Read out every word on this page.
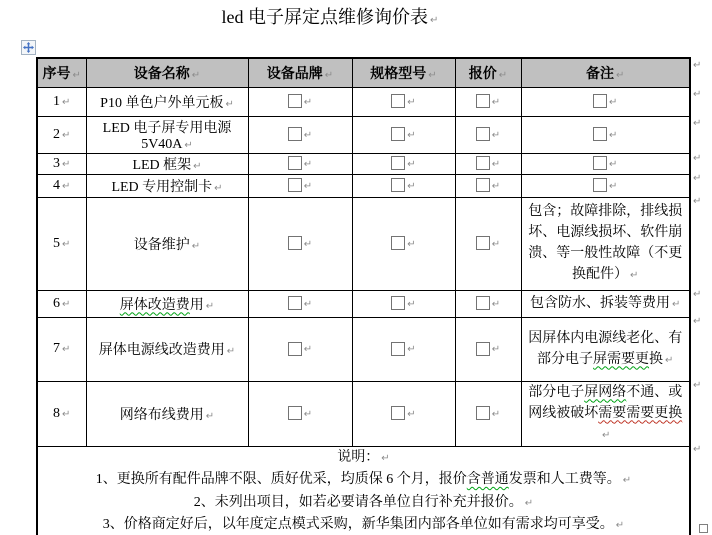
led 电子屏定点维修询价表 ↵
序号 ↵	设备名称 ↵	设备品牌 ↵	规格型号 ↵	报价 ↵	备注 ↵
1 ↵	P10 单色户外单元板 ↵	↵	↵	↵	↵
2 ↵	LED 电子屏专用电源 5V40A ↵	↵	↵	↵	↵
3 ↵	LED 框架 ↵	↵	↵	↵	↵
4 ↵	LED 专用控制卡 ↵	↵	↵	↵	↵
5 ↵	设备维护 ↵	↵	↵	↵	包含；故障排除，排线损坏、电源线损坏、软件崩溃、等一般性故障（不更换配件） ↵
6 ↵	屏体改造费用 ↵	↵	↵	↵	包含防水、拆装等费用 ↵
7 ↵	屏体电源线改造费用 ↵	↵	↵	↵	因屏体内电源线老化、有部分电子屏需要更换 ↵
8 ↵	网络布线费用 ↵	↵	↵	↵	部分电子屏网络不通、或网线被破坏需要需要更换↵

说明： ↵
1、更换所有配件品牌不限、质好优采，均质保 6 个月，报价含普通发票和人工费等。 ↵
2、未列出项目，如若必要请各单位自行补充并报价。 ↵
3、价格商定好后，以年度定点模式采购，新华集团内部各单位如有需求均可享受。 ↵					
↵
↵
↵
↵
↵
↵
↵
↵
↵
↵
